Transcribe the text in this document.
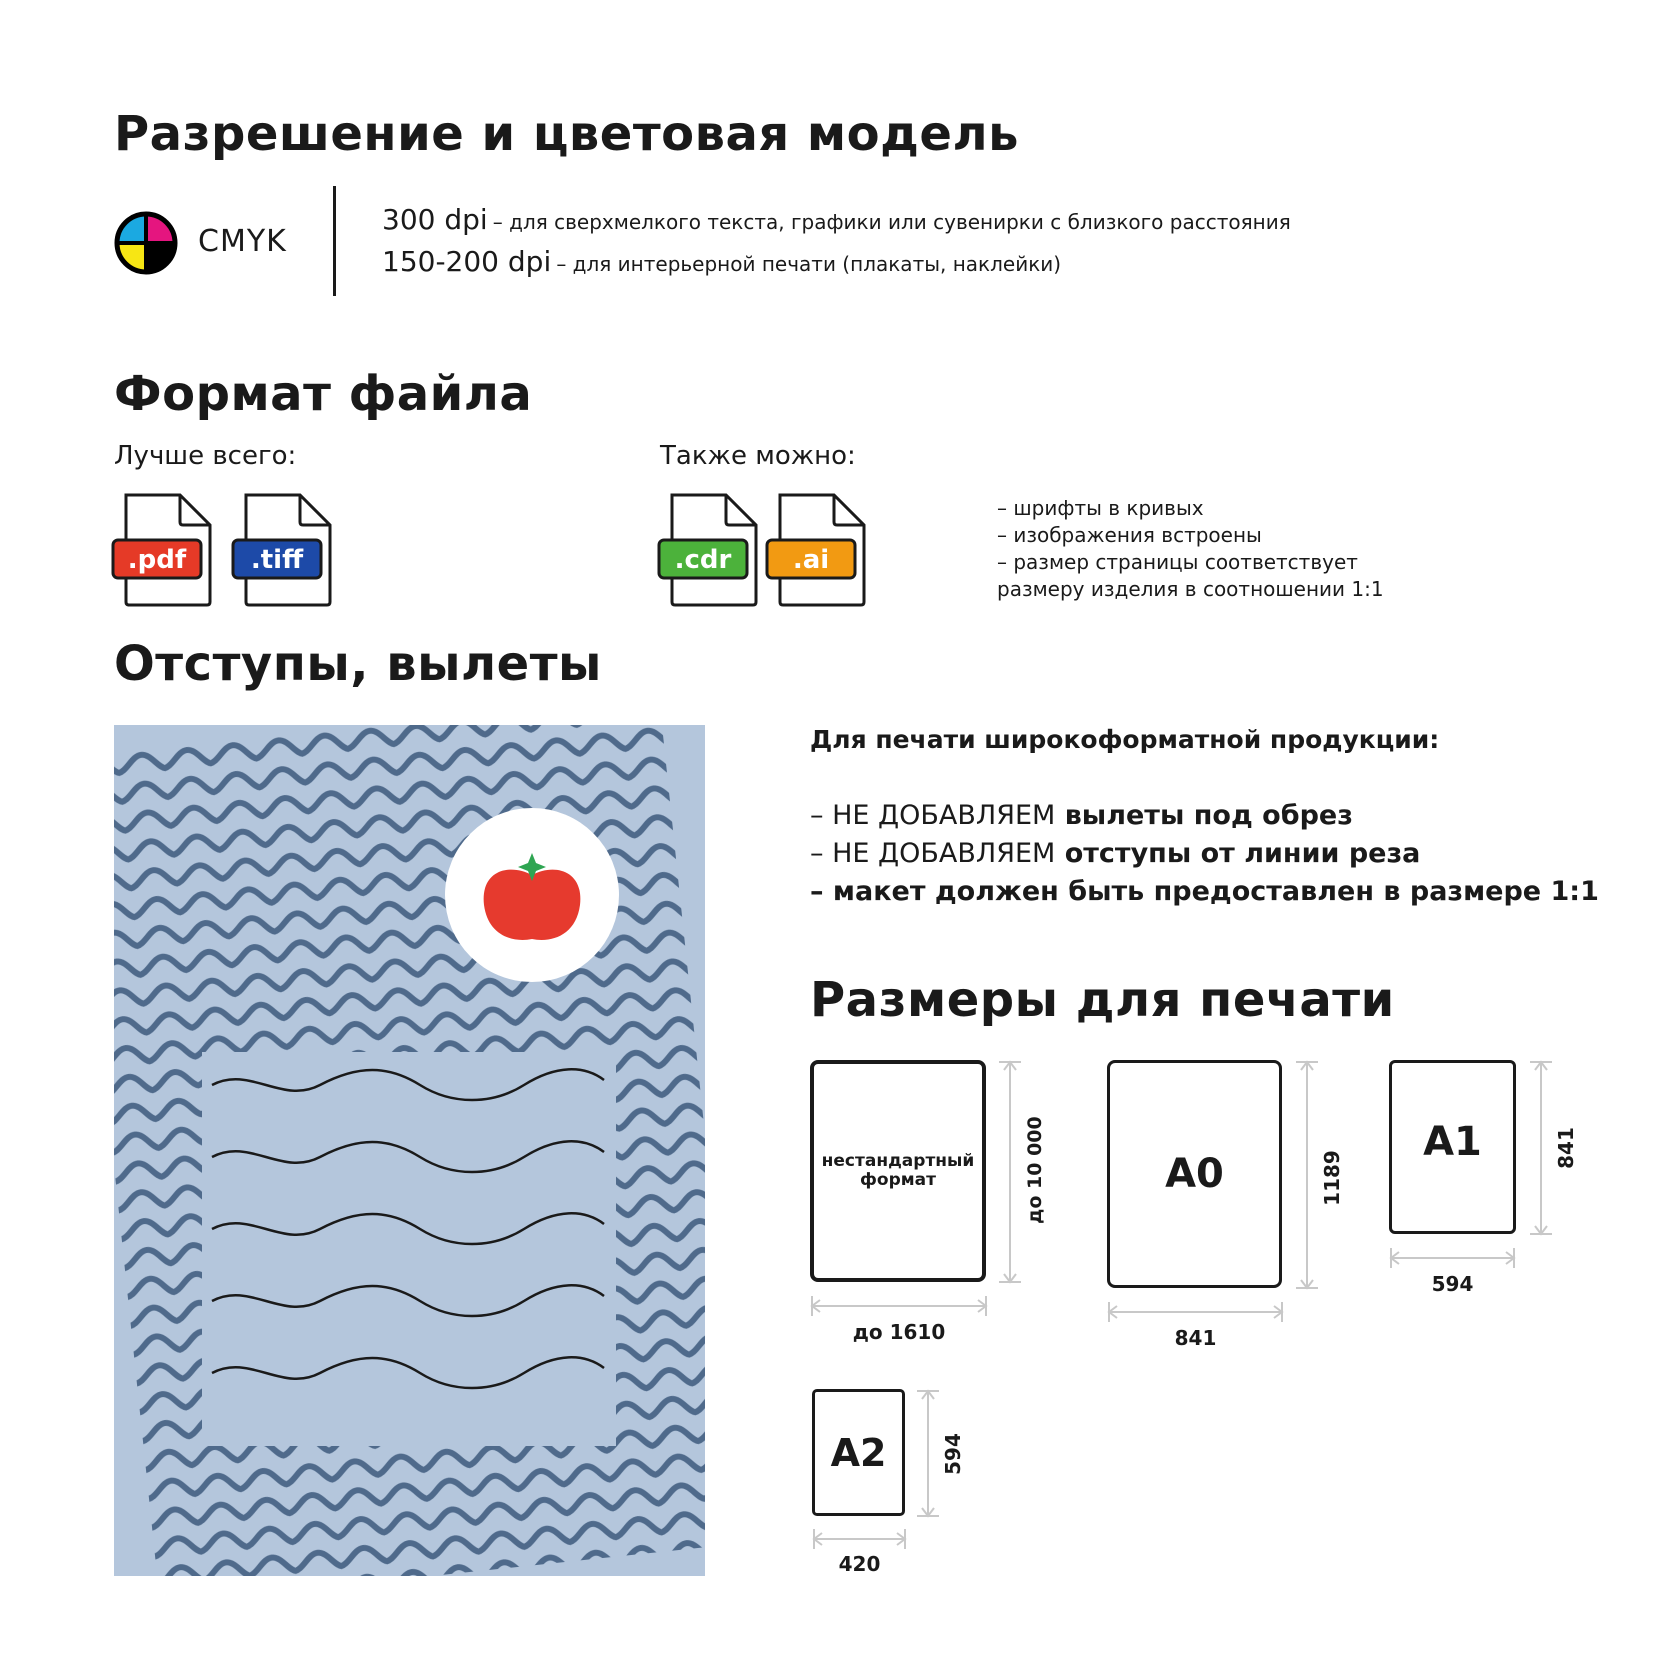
Разрешение и цветовая модель
CMYK
300 dpi – для сверхмелкого текста, графики или сувенирки с близкого расстояния
150-200 dpi – для интерьерной печати (плакаты, наклейки)
Формат файла
Лучше всего:	Также можно:
.pdf .tiff	.cdr .ai
– шрифты в кривых
– изображения встроены
– размер страницы соответствует
размеру изделия в соотношении 1:1
Отступы, вылеты
Для печати широкоформатной продукции:
– НЕ ДОБАВЛЯЕМ вылеты под обрез
– НЕ ДОБАВЛЯЕМ отступы от линии реза
– макет должен быть предоставлен в размере 1:1
Размеры для печати
нестандартный формат	до 10 000
до 1610
A0	1189
841
A1	841
594
A2	594
420
